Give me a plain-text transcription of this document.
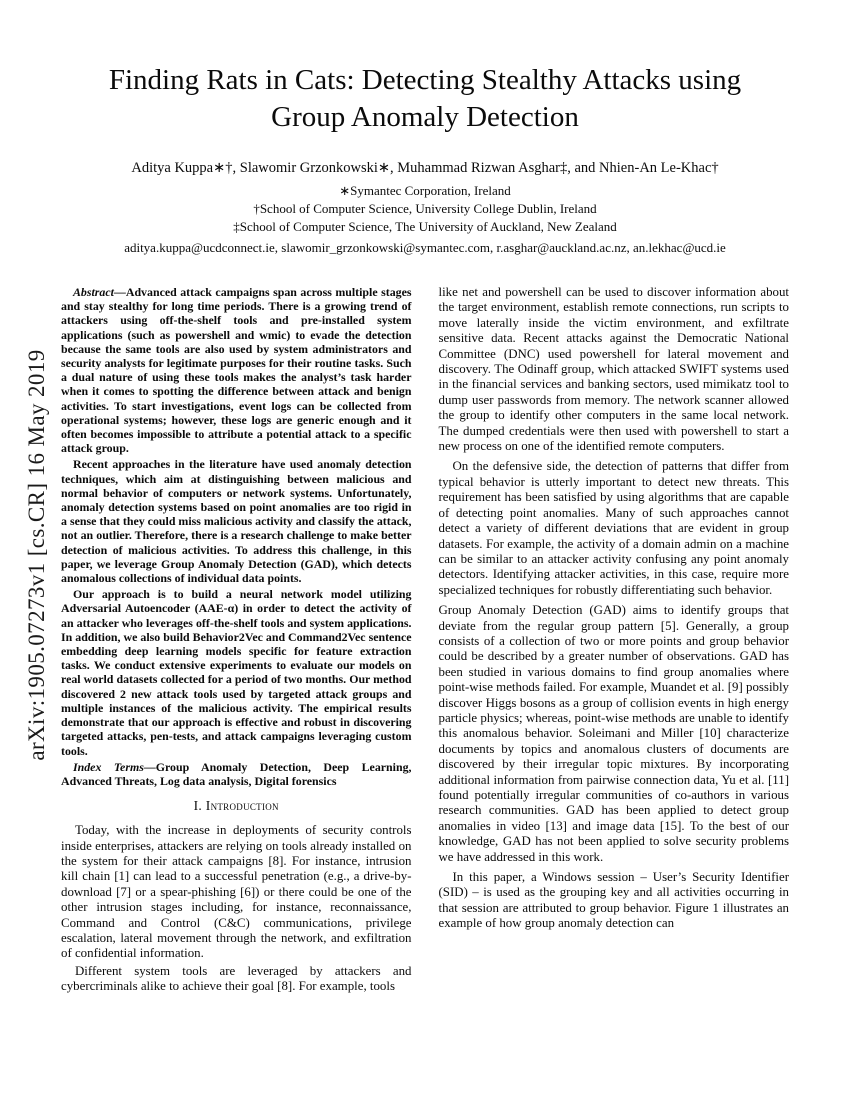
arXiv:1905.07273v1 [cs.CR] 16 May 2019
Finding Rats in Cats: Detecting Stealthy Attacks using Group Anomaly Detection
Aditya Kuppa∗†, Slawomir Grzonkowski∗, Muhammad Rizwan Asghar‡, and Nhien-An Le-Khac†
∗Symantec Corporation, Ireland
†School of Computer Science, University College Dublin, Ireland
‡School of Computer Science, The University of Auckland, New Zealand
aditya.kuppa@ucdconnect.ie, slawomir_grzonkowski@symantec.com, r.asghar@auckland.ac.nz, an.lekhac@ucd.ie

Abstract—Advanced attack campaigns span across multiple stages and stay stealthy for long time periods. There is a growing trend of attackers using off-the-shelf tools and pre-installed system applications (such as powershell and wmic) to evade the detection because the same tools are also used by system administrators and security analysts for legitimate purposes for their routine tasks. Such a dual nature of using these tools makes the analyst’s task harder when it comes to spotting the difference between attack and benign activities. To start investigations, event logs can be collected from operational systems; however, these logs are generic enough and it often becomes impossible to attribute a potential attack to a specific attack group.

Recent approaches in the literature have used anomaly detection techniques, which aim at distinguishing between malicious and normal behavior of computers or network systems. Unfortunately, anomaly detection systems based on point anomalies are too rigid in a sense that they could miss malicious activity and classify the attack, not an outlier. Therefore, there is a research challenge to make better detection of malicious activities. To address this challenge, in this paper, we leverage Group Anomaly Detection (GAD), which detects anomalous collections of individual data points.

Our approach is to build a neural network model utilizing Adversarial Autoencoder (AAE-α) in order to detect the activity of an attacker who leverages off-the-shelf tools and system applications. In addition, we also build Behavior2Vec and Command2Vec sentence embedding deep learning models specific for feature extraction tasks. We conduct extensive experiments to evaluate our models on real world datasets collected for a period of two months. Our method discovered 2 new attack tools used by targeted attack groups and multiple instances of the malicious activity. The empirical results demonstrate that our approach is effective and robust in discovering targeted attacks, pen-tests, and attack campaigns leveraging custom tools.

Index Terms—Group Anomaly Detection, Deep Learning, Advanced Threats, Log data analysis, Digital forensics

I. Introduction

Today, with the increase in deployments of security controls inside enterprises, attackers are relying on tools already installed on the system for their attack campaigns [8]. For instance, intrusion kill chain [1] can lead to a successful penetration (e.g., a drive-by-download [7] or a spear-phishing [6]) or there could be one of the other intrusion stages including, for instance, reconnaissance, Command and Control (C&C) communications, privilege escalation, lateral movement through the network, and exfiltration of confidential information.

Different system tools are leveraged by attackers and cybercriminals alike to achieve their goal [8]. For example, tools

like net and powershell can be used to discover information about the target environment, establish remote connections, run scripts to move laterally inside the victim environment, and exfiltrate sensitive data. Recent attacks against the Democratic National Committee (DNC) used powershell for lateral movement and discovery. The Odinaff group, which attacked SWIFT systems used in the financial services and banking sectors, used mimikatz tool to dump user passwords from memory. The network scanner allowed the group to identify other computers in the same local network. The dumped credentials were then used with powershell to start a new process on one of the identified remote computers.

On the defensive side, the detection of patterns that differ from typical behavior is utterly important to detect new threats. This requirement has been satisfied by using algorithms that are capable of detecting point anomalies. Many of such approaches cannot detect a variety of different deviations that are evident in group datasets. For example, the activity of a domain admin on a machine can be similar to an attacker activity confusing any point anomaly detectors. Identifying attacker activities, in this case, require more specialized techniques for robustly differentiating such behavior.

Group Anomaly Detection (GAD) aims to identify groups that deviate from the regular group pattern [5]. Generally, a group consists of a collection of two or more points and group behavior could be described by a greater number of observations. GAD has been studied in various domains to find group anomalies where point-wise methods failed. For example, Muandet et al. [9] possibly discover Higgs bosons as a group of collision events in high energy particle physics; whereas, point-wise methods are unable to identify this anomalous behavior. Soleimani and Miller [10] characterize documents by topics and anomalous clusters of documents are discovered by their irregular topic mixtures. By incorporating additional information from pairwise connection data, Yu et al. [11] found potentially irregular communities of co-authors in various research communities. GAD has been applied to detect group anomalies in video [13] and image data [15]. To the best of our knowledge, GAD has not been applied to solve security problems we have addressed in this work.

In this paper, a Windows session – User’s Security Identifier (SID) – is used as the grouping key and all activities occurring in that session are attributed to group behavior. Figure 1 illustrates an example of how group anomaly detection can
